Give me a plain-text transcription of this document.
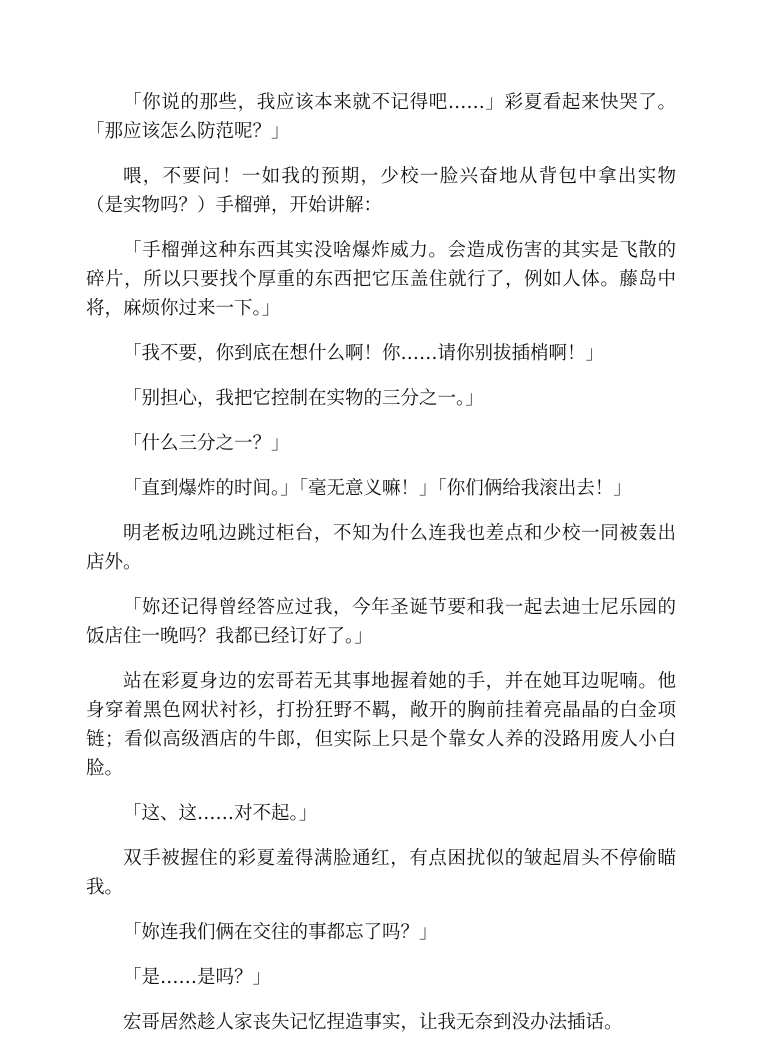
「你说的那些，我应该本来就不记得吧……」彩夏看起来快哭了。「那应该怎么防范呢？」

喂，不要问！一如我的预期，少校一脸兴奋地从背包中拿出实物（是实物吗？）手榴弹，开始讲解：

「手榴弹这种东西其实没啥爆炸威力。会造成伤害的其实是飞散的碎片，所以只要找个厚重的东西把它压盖住就行了，例如人体。藤岛中将，麻烦你过来一下。」

「我不要，你到底在想什么啊！你……请你别拔插梢啊！」

「别担心，我把它控制在实物的三分之一。」

「什么三分之一？」

「直到爆炸的时间。」「毫无意义嘛！」「你们俩给我滚出去！」

明老板边吼边跳过柜台，不知为什么连我也差点和少校一同被轰出店外。

「妳还记得曾经答应过我，今年圣诞节要和我一起去迪士尼乐园的饭店住一晚吗？我都已经订好了。」

站在彩夏身边的宏哥若无其事地握着她的手，并在她耳边呢喃。他身穿着黑色网状衬衫，打扮狂野不羁，敞开的胸前挂着亮晶晶的白金项链；看似高级酒店的牛郎，但实际上只是个靠女人养的没路用废人小白脸。

「这、这……对不起。」

双手被握住的彩夏羞得满脸通红，有点困扰似的皱起眉头不停偷瞄我。

「妳连我们俩在交往的事都忘了吗？」

「是……是吗？」

宏哥居然趁人家丧失记忆捏造事实，让我无奈到没办法插话。
